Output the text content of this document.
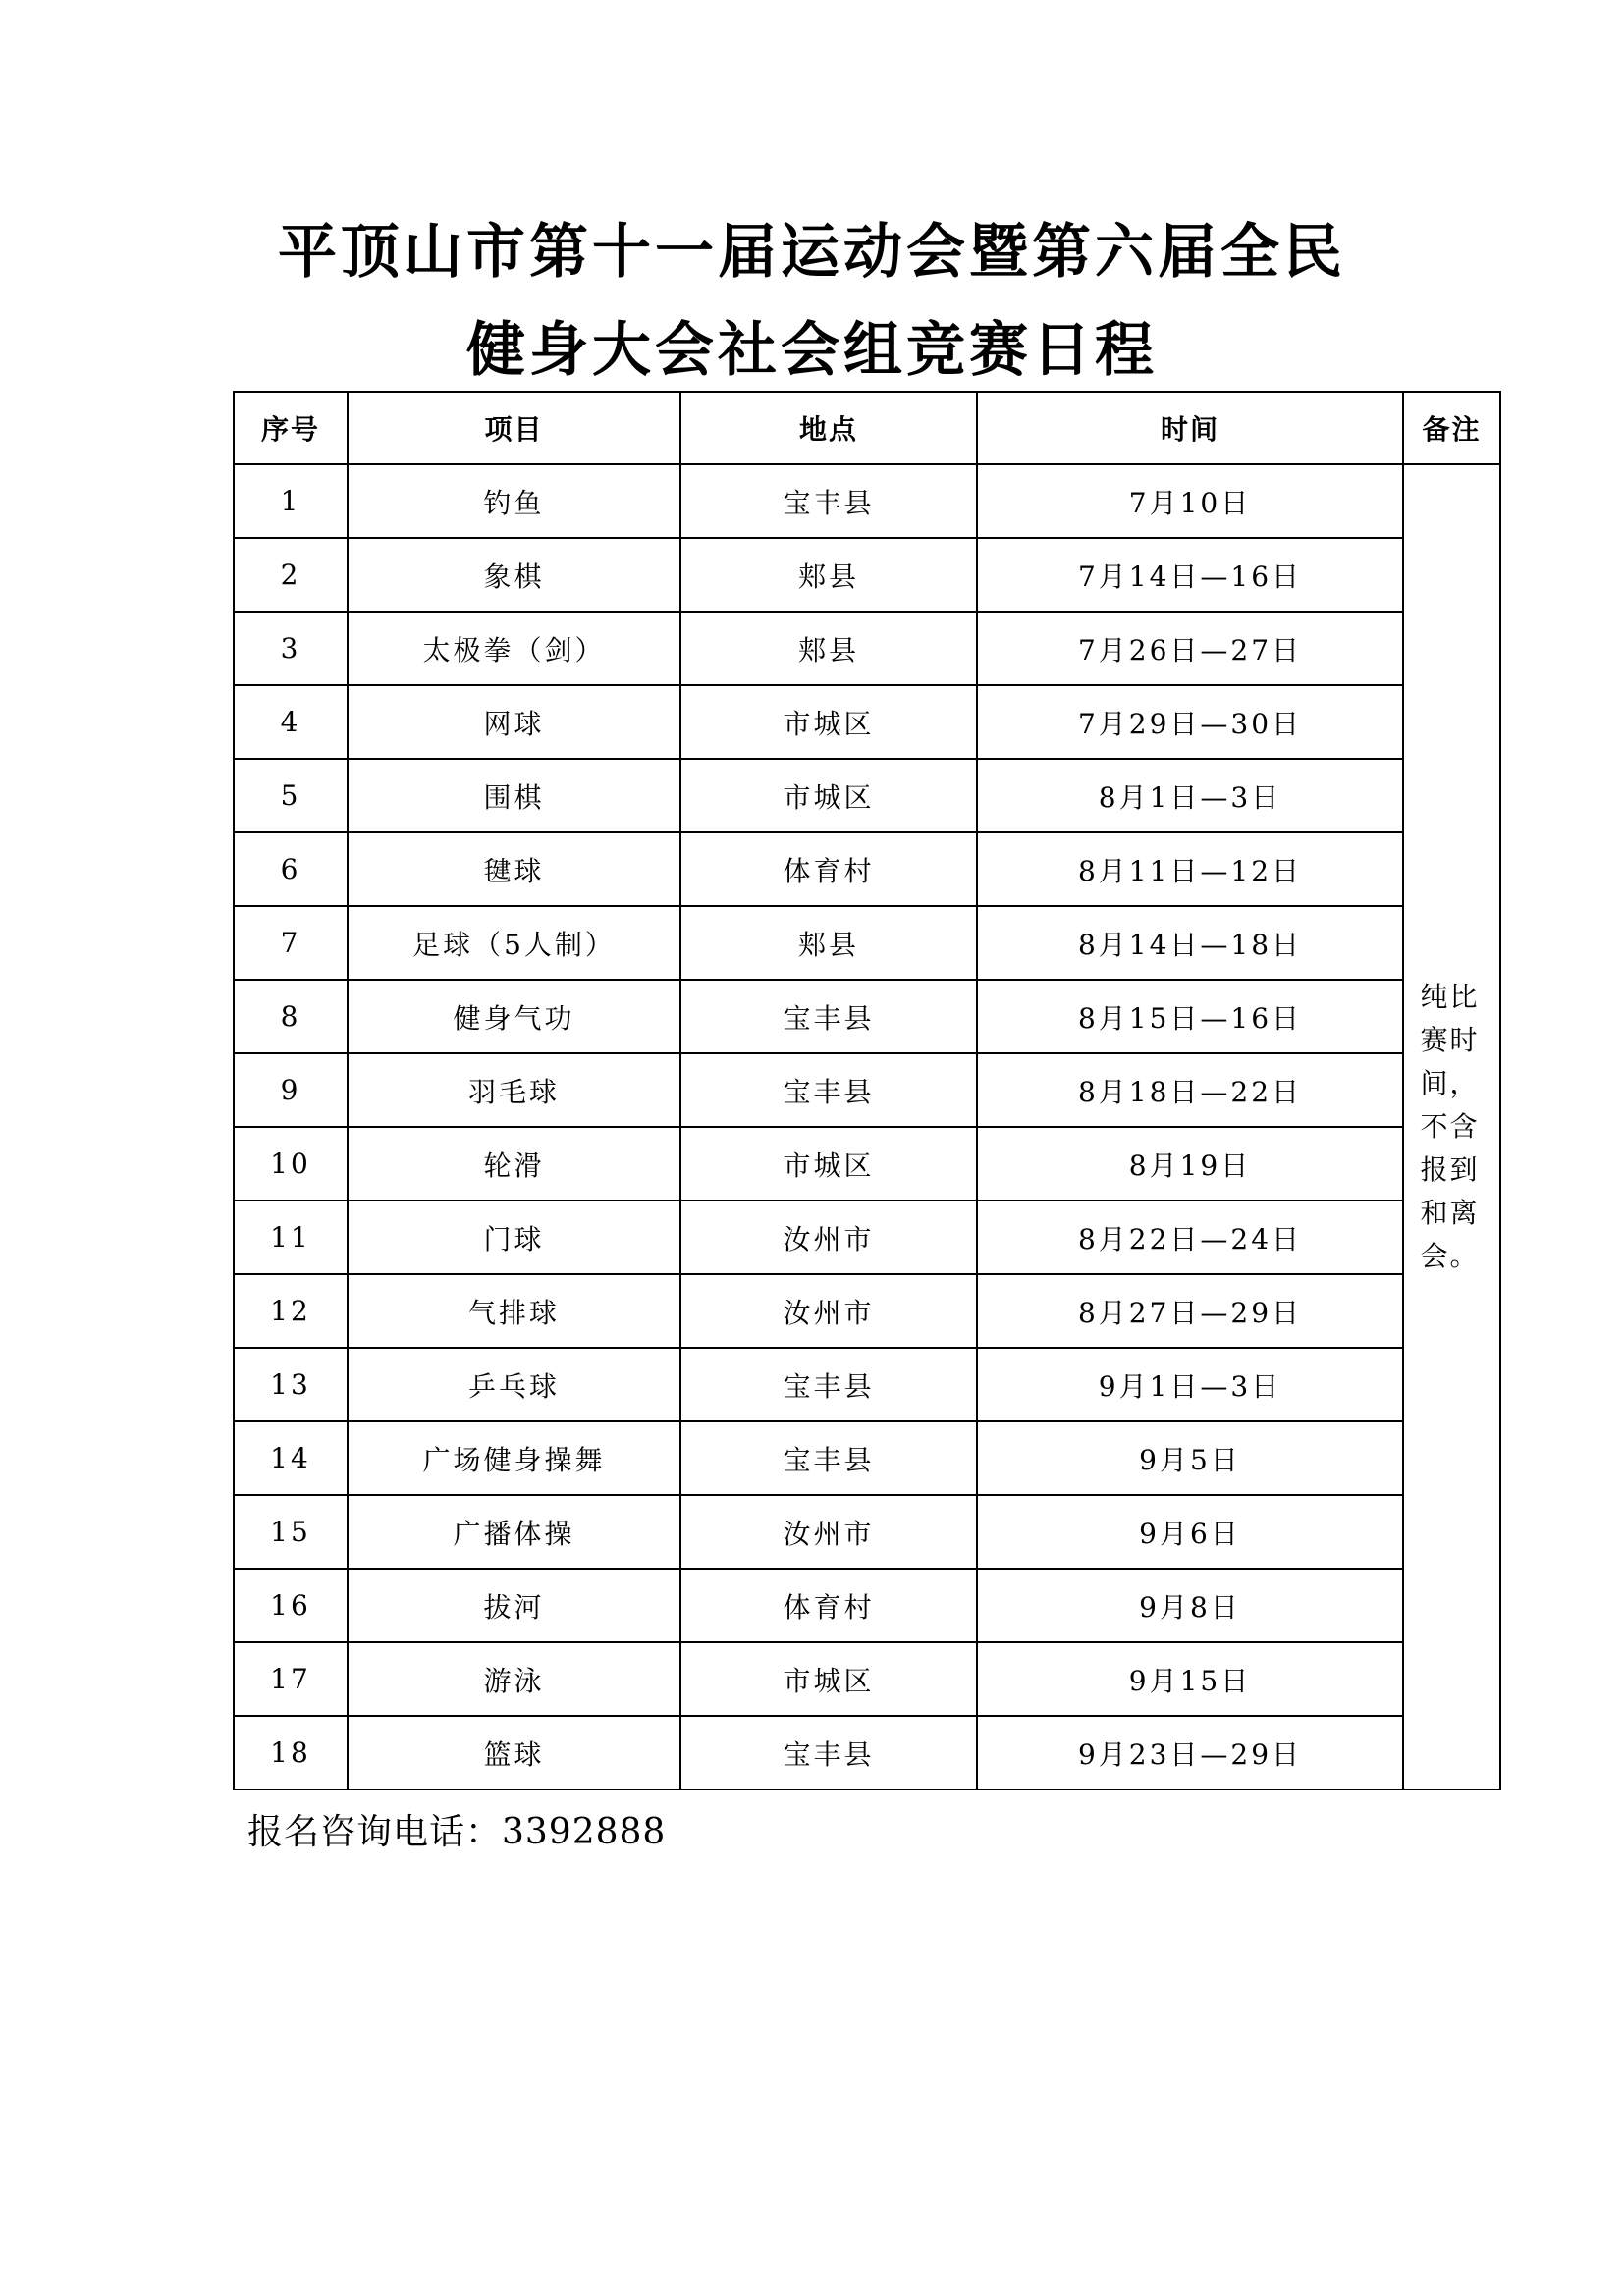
平顶山市第十一届运动会暨第六届全民
健身大会社会组竞赛日程
序号	项目	地点	时间	备注
1	钓鱼	宝丰县	7月10日	纯比赛时间，不含报到和离会。
2	象棋	郏县	7月14日—16日	
3	太极拳（剑）	郏县	7月26日—27日	
4	网球	市城区	7月29日—30日	
5	围棋	市城区	8月1日—3日	
6	毽球	体育村	8月11日—12日	
7	足球（5人制）	郏县	8月14日—18日	
8	健身气功	宝丰县	8月15日—16日	
9	羽毛球	宝丰县	8月18日—22日	
10	轮滑	市城区	8月19日	
11	门球	汝州市	8月22日—24日	
12	气排球	汝州市	8月27日—29日	
13	乒乓球	宝丰县	9月1日—3日	
14	广场健身操舞	宝丰县	9月5日	
15	广播体操	汝州市	9月6日	
16	拔河	体育村	9月8日	
17	游泳	市城区	9月15日	
18	篮球	宝丰县	9月23日—29日	
报名咨询电话：3392888
